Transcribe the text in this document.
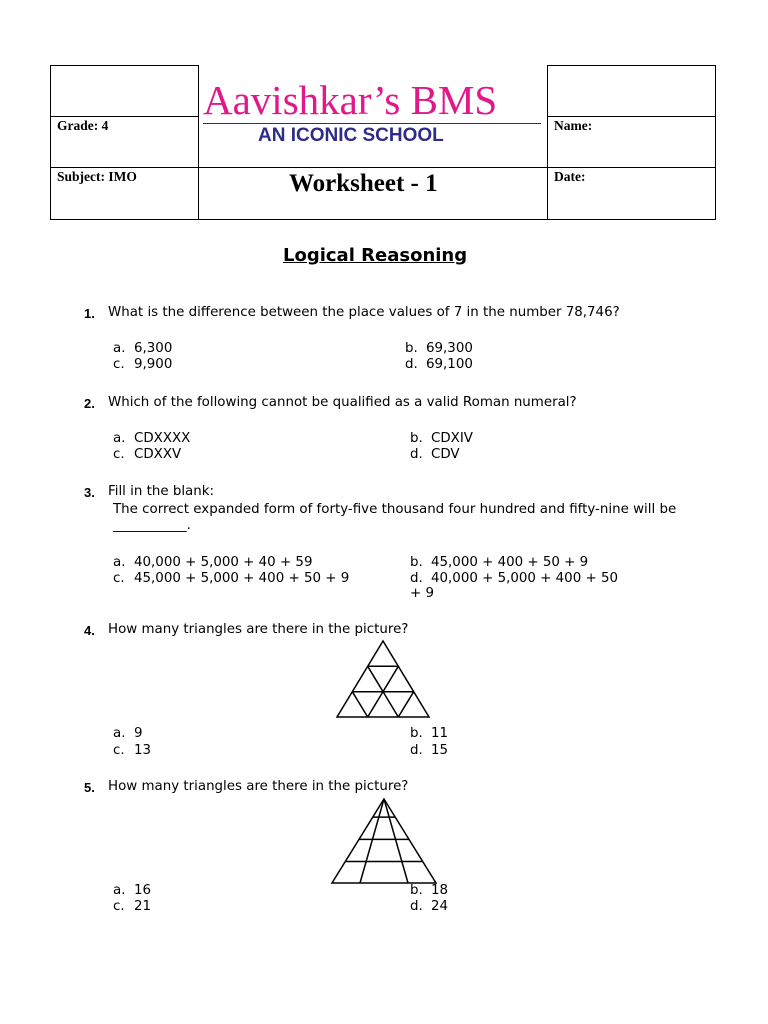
Aavishkar’s BMS
AN ICONIC SCHOOL
Grade: 4
Subject: IMO	Worksheet - 1
Name:
Date:
Logical Reasoning
1. What is the difference between the place values of 7 in the number 78,746?
a. 6,300	b. 69,300
c. 9,900	d. 69,100
2. Which of the following cannot be qualified as a valid Roman numeral?
a. CDXXXX	b. CDXIV
c. CDXXV	d. CDV
3. Fill in the blank:
The correct expanded form of forty-five thousand four hundred and fifty-nine will be
___________.
a. 40,000 + 5,000 + 40 + 59	b. 45,000 + 400 + 50 + 9
c. 45,000 + 5,000 + 400 + 50 + 9	d. 40,000 + 5,000 + 400 + 50
+ 9
4. How many triangles are there in the picture?
a. 9	b. 11
c. 13	d. 15
5. How many triangles are there in the picture?
a. 16	b. 18
c. 21	d. 24
